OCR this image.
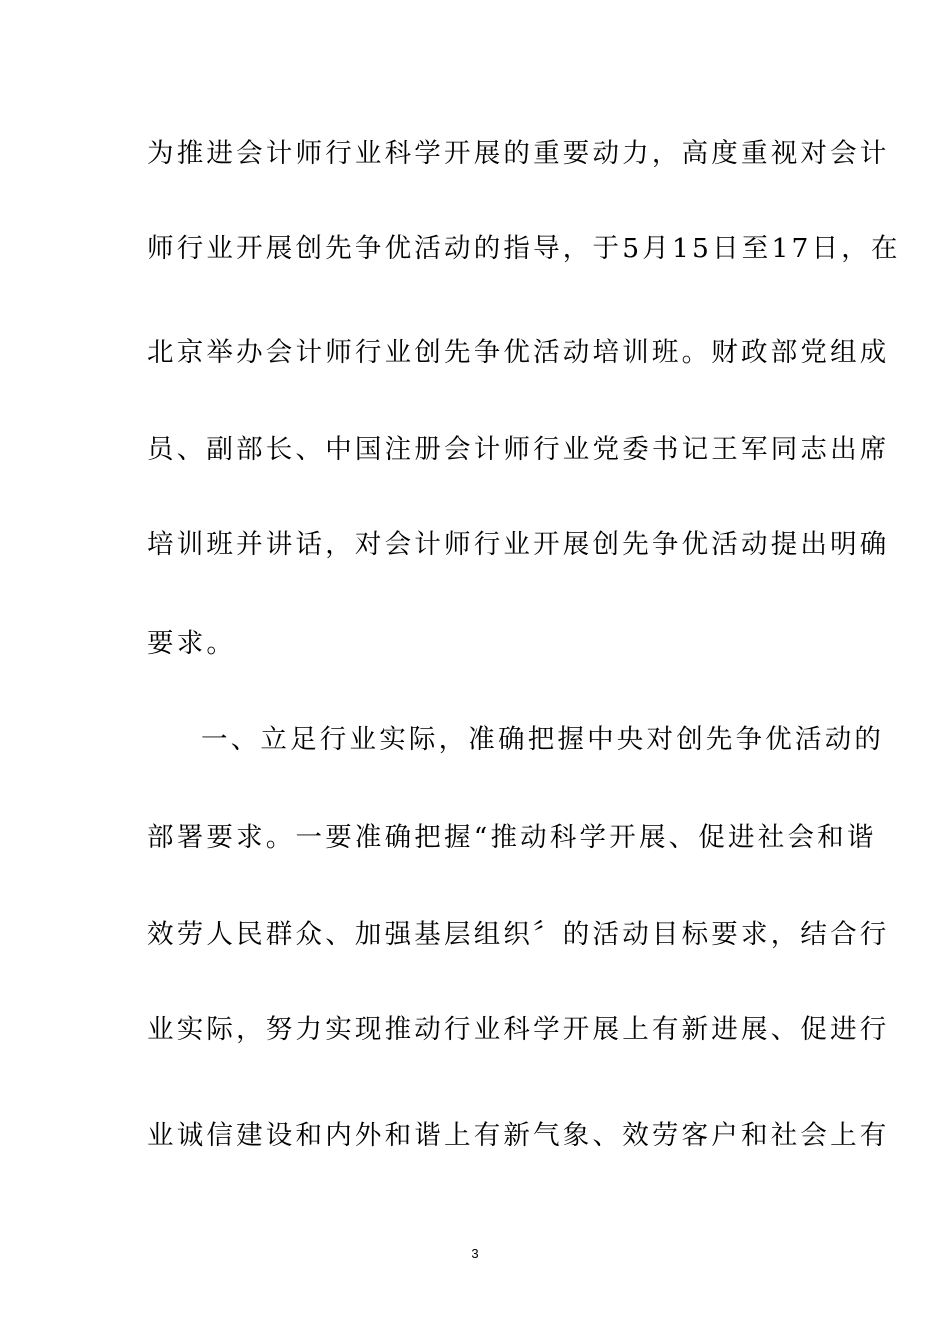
为推进会计师行业科学开展的重要动力，高度重视对会计
师行业开展创先争优活动的指导，于5月15日至17日，在
北京举办会计师行业创先争优活动培训班。财政部党组成
员、副部长、中国注册会计师行业党委书记王军同志出席
培训班并讲话，对会计师行业开展创先争优活动提出明确
要求。
一、立足行业实际，准确把握中央对创先争优活动的
部署要求。一要准确把握“推动科学开展、促进社会和谐
效劳人民群众、加强基层组织〞的活动目标要求，结合行
业实际，努力实现推动行业科学开展上有新进展、促进行
业诚信建设和内外和谐上有新气象、效劳客户和社会上有
3
